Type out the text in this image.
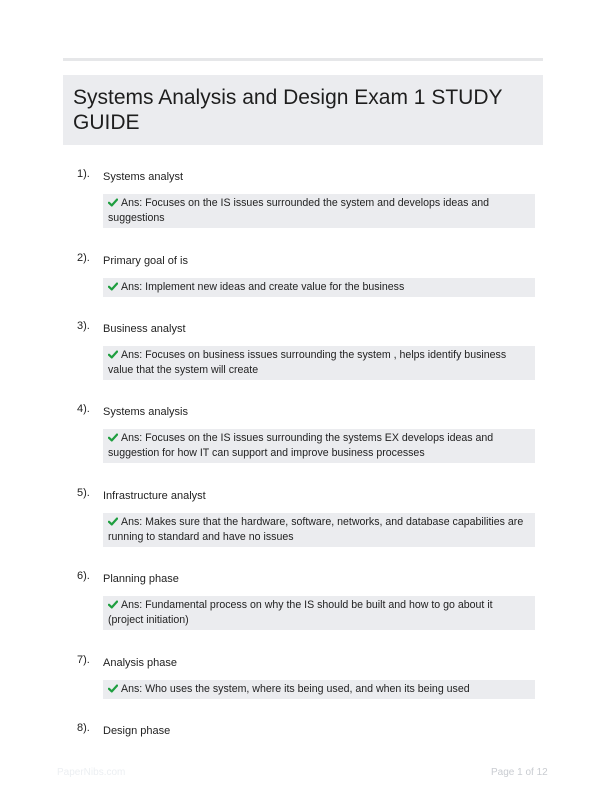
Systems Analysis and Design Exam 1 STUDY GUIDE
1).	Systems analyst
Ans: Focuses on the IS issues surrounded the system and develops ideas and suggestions
2).	Primary goal of is
Ans: Implement new ideas and create value for the business
3).	Business analyst
Ans: Focuses on business issues surrounding the system , helps identify business value that the system will create
4).	Systems analysis
Ans: Focuses on the IS issues surrounding the systems EX develops ideas and suggestion for how IT can support and improve business processes
5).	Infrastructure analyst
Ans: Makes sure that the hardware, software, networks, and database capabilities are running to standard and have no issues
6).	Planning phase
Ans: Fundamental process on why the IS should be built and how to go about it (project initiation)
7).	Analysis phase
Ans: Who uses the system, where its being used, and when its being used
8).	Design phase
PaperNibs.com	Page 1 of 12
